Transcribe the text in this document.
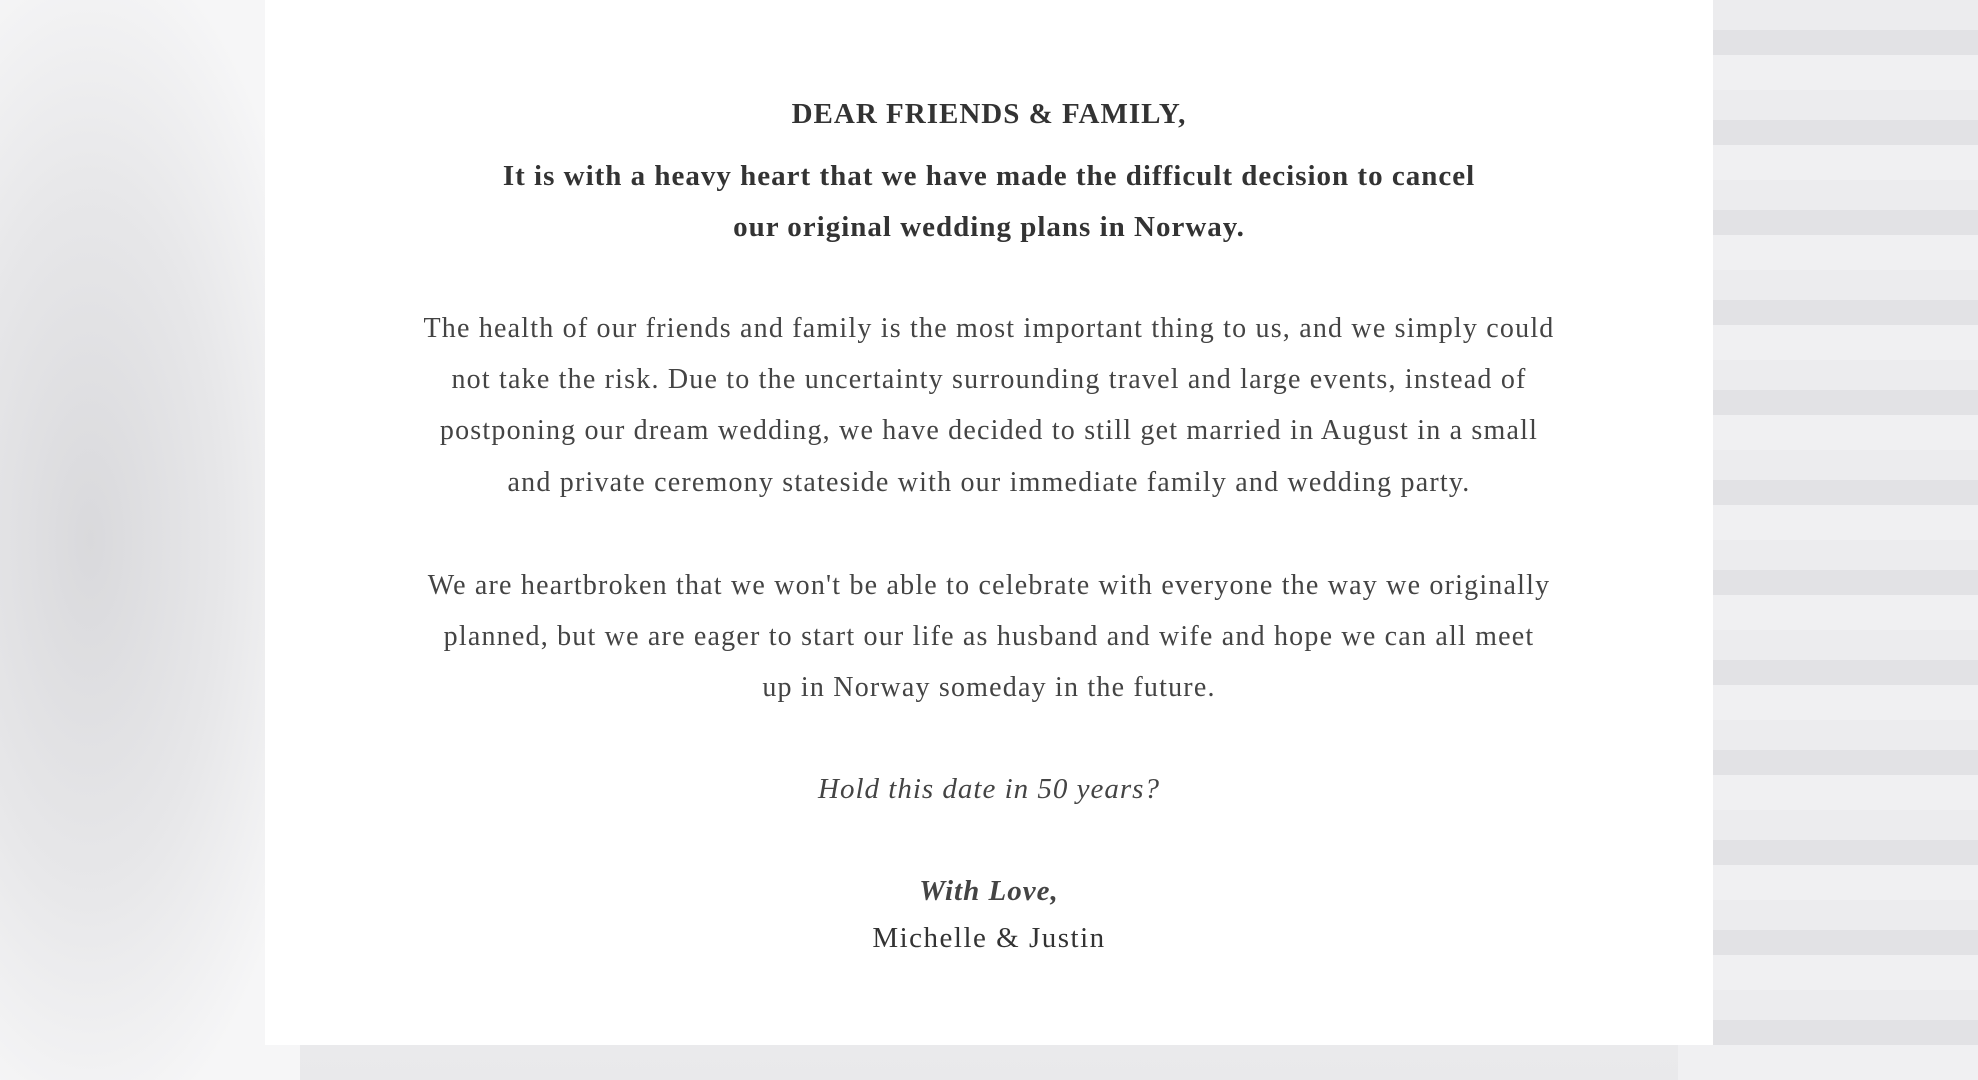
DEAR FRIENDS & FAMILY,
It is with a heavy heart that we have made the difficult decision to cancel
our original wedding plans in Norway.
The health of our friends and family is the most important thing to us, and we simply could
not take the risk. Due to the uncertainty surrounding travel and large events, instead of
postponing our dream wedding, we have decided to still get married in August in a small
and private ceremony stateside with our immediate family and wedding party.
We are heartbroken that we won't be able to celebrate with everyone the way we originally
planned, but we are eager to start our life as husband and wife and hope we can all meet
up in Norway someday in the future.
Hold this date in 50 years?
With Love,
Michelle & Justin
